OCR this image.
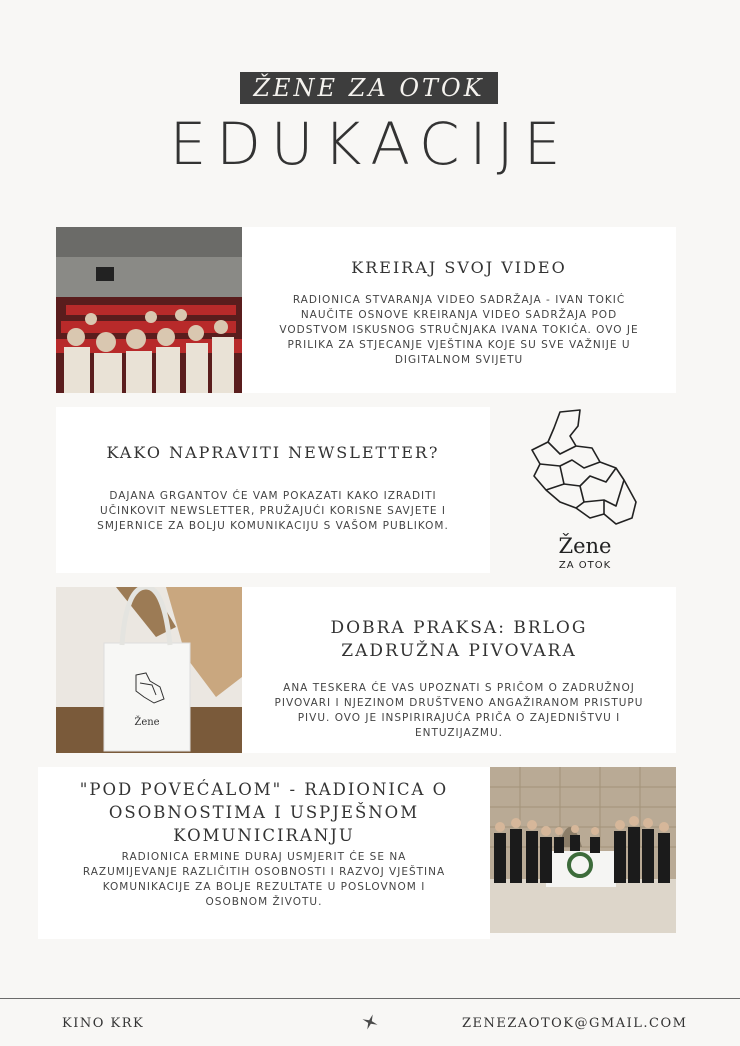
ŽENE ZA OTOK
EDUKACIJE
KREIRAJ SVOJ VIDEO
RADIONICA STVARANJA VIDEO SADRŽAJA - IVAN TOKIĆ NAUČITE OSNOVE KREIRANJA VIDEO SADRŽAJA POD VODSTVOM ISKUSNOG STRUČNJAKA IVANA TOKIĆA. OVO JE PRILIKA ZA STJECANJE VJEŠTINA KOJE SU SVE VAŽNIJE U DIGITALNOM SVIJETU
KAKO NAPRAVITI NEWSLETTER?
DAJANA GRGANTOV ĆE VAM POKAZATI KAKO IZRADITI UČINKOVIT NEWSLETTER, PRUŽAJUĆI KORISNE SAVJETE I SMJERNICE ZA BOLJU KOMUNIKACIJU S VAŠOM PUBLIKOM.
Žene
ZA OTOK
Žene
DOBRA PRAKSA: BRLOG
ZADRUŽNA PIVOVARA
ANA TESKERA ĆE VAS UPOZNATI S PRIČOM O ZADRUŽNOJ PIVOVARI I NJEZINOM DRUŠTVENO ANGAŽIRANOM PRISTUPU PIVU. OVO JE INSPIRIRAJUĆA PRIČA O ZAJEDNIŠTVU I ENTUZIJAZMU.
"POD POVEĆALOM" - RADIONICA O
OSOBNOSTIMA I USPJEŠNOM
KOMUNICIRANJU
RADIONICA ERMINE DURAJ USMJERIT ĆE SE NA RAZUMIJEVANJE RAZLIČITIH OSOBNOSTI I RAZVOJ VJEŠTINA KOMUNIKACIJE ZA BOLJE REZULTATE U POSLOVNOM I OSOBNOM ŽIVOTU.
KINO KRK	ZENEZAOTOK@GMAIL.COM
